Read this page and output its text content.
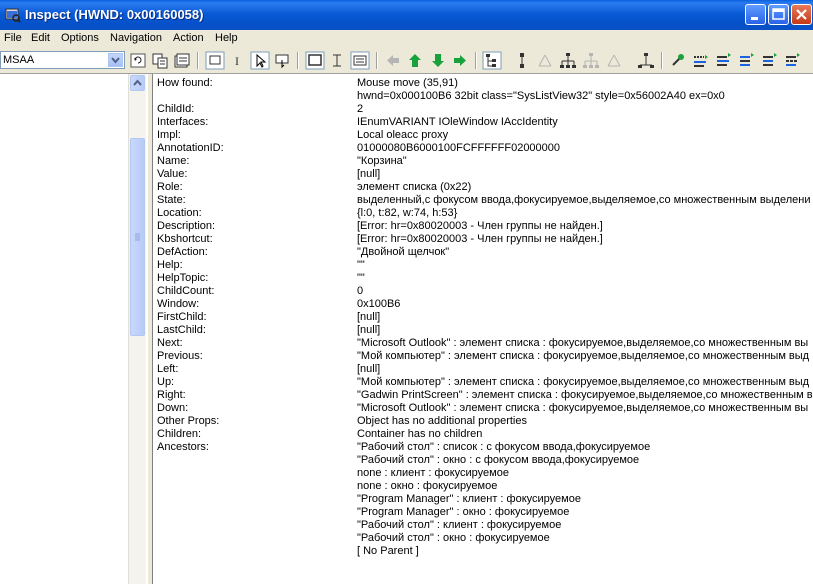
Inspect (HWND: 0x00160058)
File Edit Options Navigation Action Help
MSAA	I
How found:	Mouse move (35,91)
hwnd=0x000100B6 32bit class="SysListView32" style=0x56002A40 ex=0x0
ChildId:	2
Interfaces:	IEnumVARIANT IOleWindow IAccIdentity
Impl:	Local oleacc proxy
AnnotationID:	01000080B6000100FCFFFFFF02000000
Name:	"Корзина"
Value:	[null]
Role:	элемент списка (0x22)
State:	выделенный,с фокусом ввода,фокусируемое,выделяемое,со множественным выделени
Location:	{l:0, t:82, w:74, h:53}
Description:	[Error: hr=0x80020003 - Член группы не найден.]
Kbshortcut:	[Error: hr=0x80020003 - Член группы не найден.]
DefAction:	"Двойной щелчок"
Help:	""
HelpTopic:	""
ChildCount:	0
Window:	0x100B6
FirstChild:	[null]
LastChild:	[null]
Next:	"Microsoft Outlook" : элемент списка : фокусируемое,выделяемое,со множественным вы
Previous:	"Мой компьютер" : элемент списка : фокусируемое,выделяемое,со множественным выд
Left:	[null]
Up:	"Мой компьютер" : элемент списка : фокусируемое,выделяемое,со множественным выд
Right:	"Gadwin PrintScreen" : элемент списка : фокусируемое,выделяемое,со множественным в
Down:	"Microsoft Outlook" : элемент списка : фокусируемое,выделяемое,со множественным вы
Other Props:	Object has no additional properties
Children:	Container has no children
Ancestors:	"Рабочий стол" : список : с фокусом ввода,фокусируемое
"Рабочий стол" : окно : с фокусом ввода,фокусируемое
none : клиент : фокусируемое
none : окно : фокусируемое
"Program Manager" : клиент : фокусируемое
"Program Manager" : окно : фокусируемое
"Рабочий стол" : клиент : фокусируемое
"Рабочий стол" : окно : фокусируемое
[ No Parent ]
